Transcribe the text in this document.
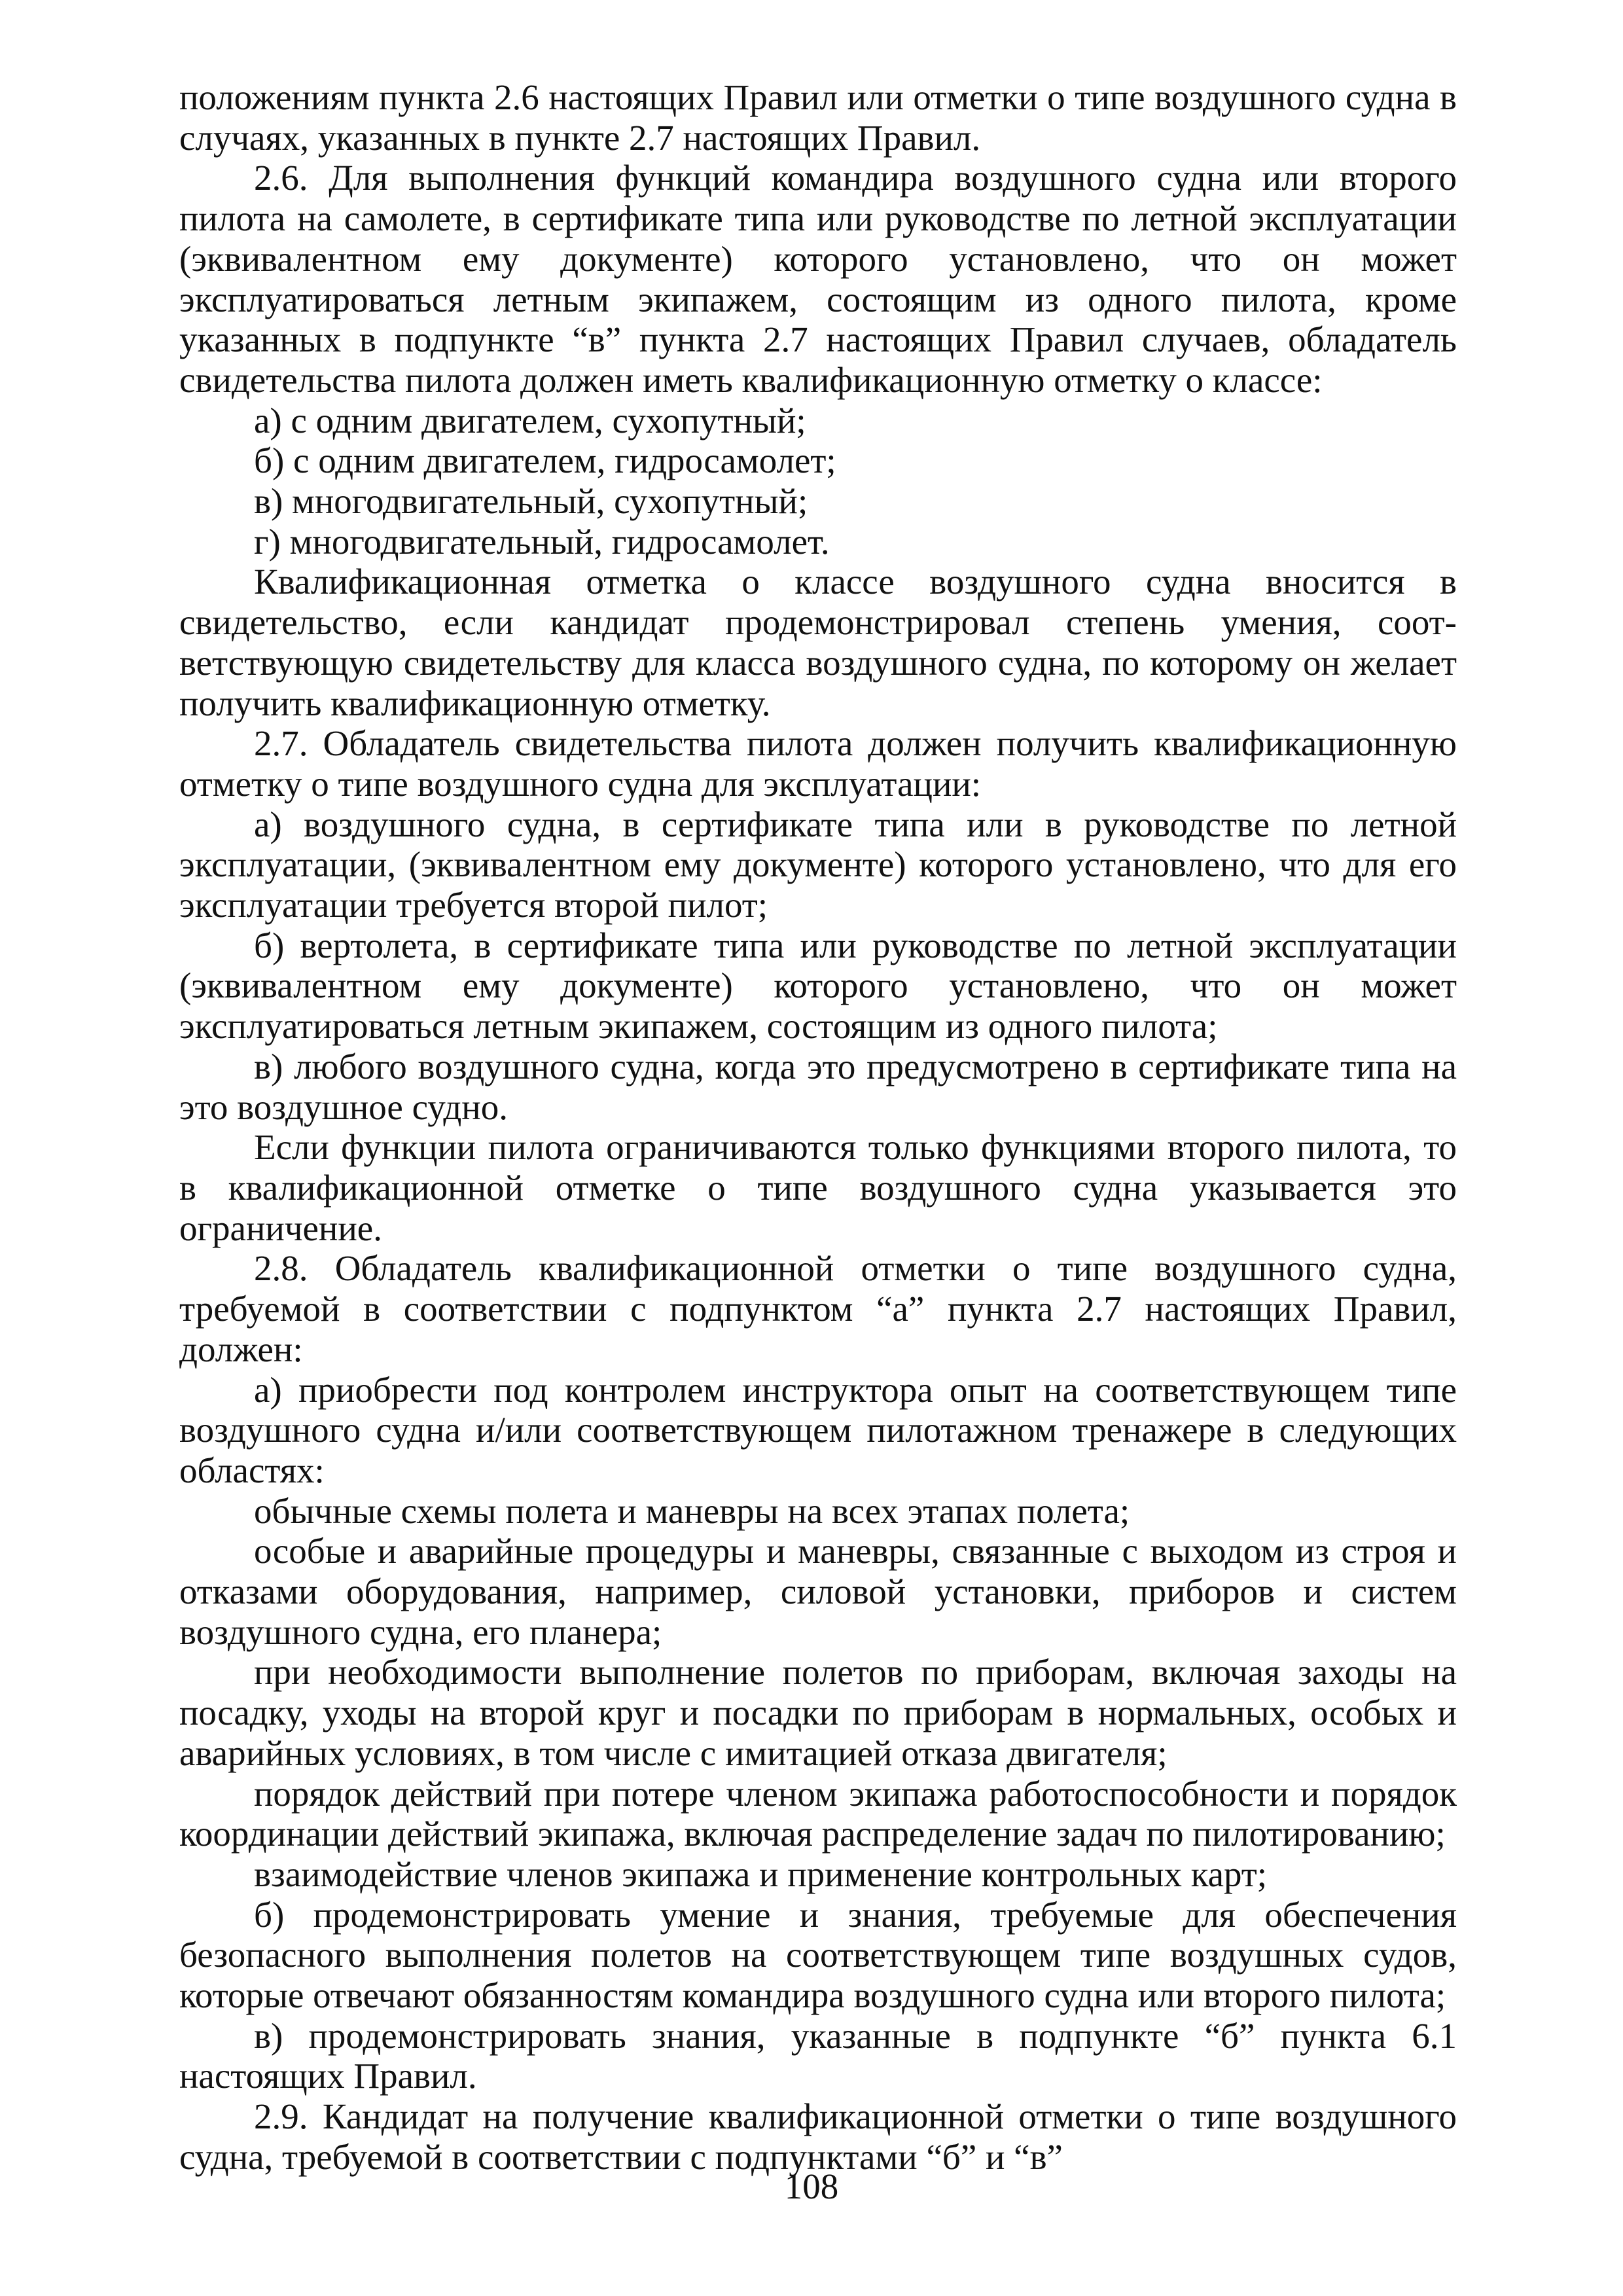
положениям пункта 2.6 настоящих Правил или отметки о типе воздушного судна в случаях, указанных в пункте 2.7 настоящих Правил.

2.6. Для выполнения функций командира воздушного судна или второго пилота на самолете, в сертификате типа или руководстве по летной эксплуатации (эквивалентном ему документе) которого установлено, что он может эксплуатироваться летным экипажем, состоящим из одного пилота, кроме указанных в подпункте “в” пункта 2.7 настоящих Правил случаев, обладатель свидетельства пилота должен иметь квалификационную отметку о классе:

а) с одним двигателем, сухопутный;

б) с одним двигателем, гидросамолет;

в) многодвигательный, сухопутный;

г) многодвигательный, гидросамолет.

Квалификационная отметка о классе воздушного судна вносится в свидетельство, если кандидат продемонстрировал степень умения, соответствующую свидетельству для класса воздушного судна, по которому он желает получить квалификационную отметку.

2.7. Обладатель свидетельства пилота должен получить квалификационную отметку о типе воздушного судна для эксплуатации:

а) воздушного судна, в сертификате типа или в руководстве по летной эксплуатации, (эквивалентном ему документе) которого установлено, что для его эксплуатации требуется второй пилот;

б) вертолета, в сертификате типа или руководстве по летной эксплуатации (эквивалентном ему документе) которого установлено, что он может эксплуатироваться летным экипажем, состоящим из одного пилота;

в) любого воздушного судна, когда это предусмотрено в сертификате типа на это воздушное судно.

Если функции пилота ограничиваются только функциями второго пилота, то в квалификационной отметке о типе воздушного судна указывается это ограничение.

2.8. Обладатель квалификационной отметки о типе воздушного судна, требуемой в соответствии с подпунктом “а” пункта 2.7 настоящих Правил, должен:

а) приобрести под контролем инструктора опыт на соответствующем типе воздушного судна и/или соответствующем пилотажном тренажере в следующих областях:

обычные схемы полета и маневры на всех этапах полета;

особые и аварийные процедуры и маневры, связанные с выходом из строя и отказами оборудования, например, силовой установки, приборов и систем воздушного судна, его планера;

при необходимости выполнение полетов по приборам, включая заходы на посадку, уходы на второй круг и посадки по приборам в нормальных, особых и аварийных условиях, в том числе с имитацией отказа двигателя;

порядок действий при потере членом экипажа работоспособности и порядок координации действий экипажа, включая распределение задач по пилотированию;

взаимодействие членов экипажа и применение контрольных карт;

б) продемонстрировать умение и знания, требуемые для обеспечения безопасного выполнения полетов на соответствующем типе воздушных судов, которые отвечают обязанностям командира воздушного судна или второго пилота;

в) продемонстрировать знания, указанные в подпункте “б” пункта 6.1 настоящих Правил.

2.9. Кандидат на получение квалификационной отметки о типе воздушного судна, требуемой в соответствии с подпунктами “б” и “в”

108
